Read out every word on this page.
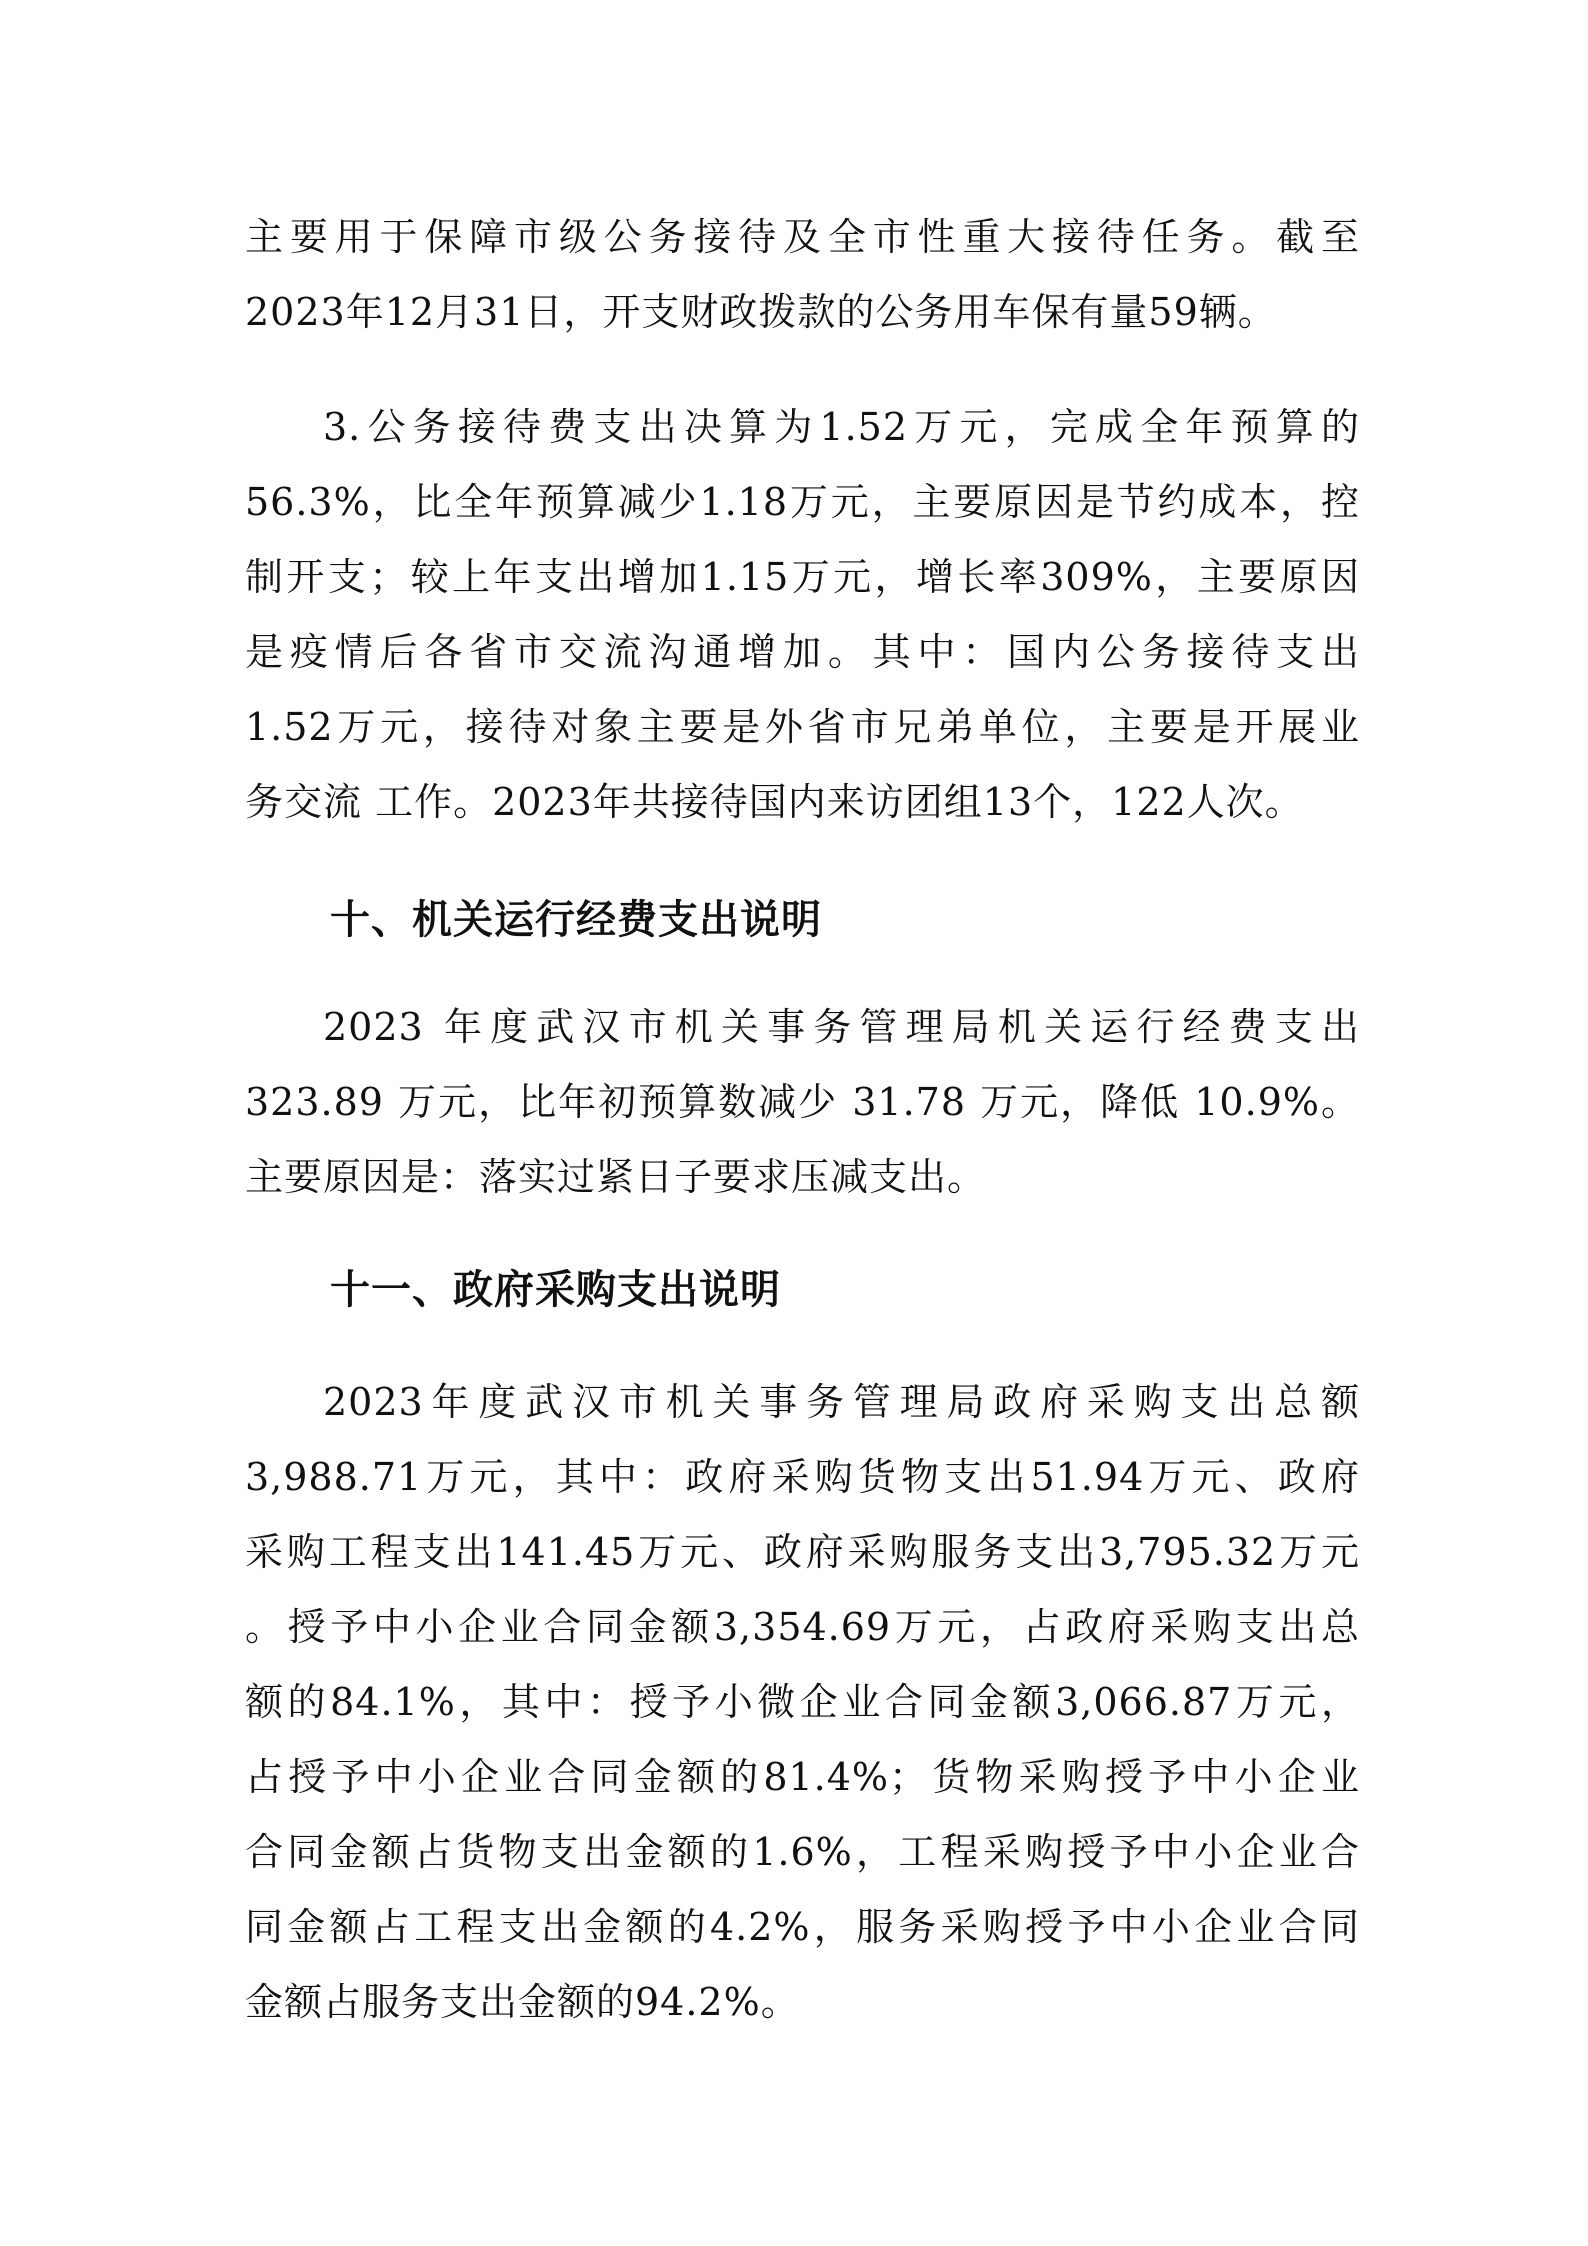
主要用于保障市级公务接待及全市性重大接待任务。截至
2023年12月31日，开支财政拨款的公务用车保有量59辆。
3.公务接待费支出决算为1.52万元，完成全年预算的
56.3%，比全年预算减少1.18万元，主要原因是节约成本，控
制开支；较上年支出增加1.15万元，增长率309%，主要原因
是疫情后各省市交流沟通增加。其中：国内公务接待支出
1.52万元，接待对象主要是外省市兄弟单位，主要是开展业
务交流 工作。2023年共接待国内来访团组13个，122人次。
十、机关运行经费支出说明
2023 年度武汉市机关事务管理局机关运行经费支出
323.89 万元，比年初预算数减少 31.78 万元，降低 10.9%。
主要原因是：落实过紧日子要求压减支出。
十一、政府采购支出说明
2023年度武汉市机关事务管理局政府采购支出总额
3,988.71万元，其中：政府采购货物支出51.94万元、政府
采购工程支出141.45万元、政府采购服务支出3,795.32万元
。授予中小企业合同金额3,354.69万元，占政府采购支出总
额的84.1%，其中：授予小微企业合同金额3,066.87万元，
占授予中小企业合同金额的81.4%；货物采购授予中小企业
合同金额占货物支出金额的1.6%，工程采购授予中小企业合
同金额占工程支出金额的4.2%，服务采购授予中小企业合同
金额占服务支出金额的94.2%。
